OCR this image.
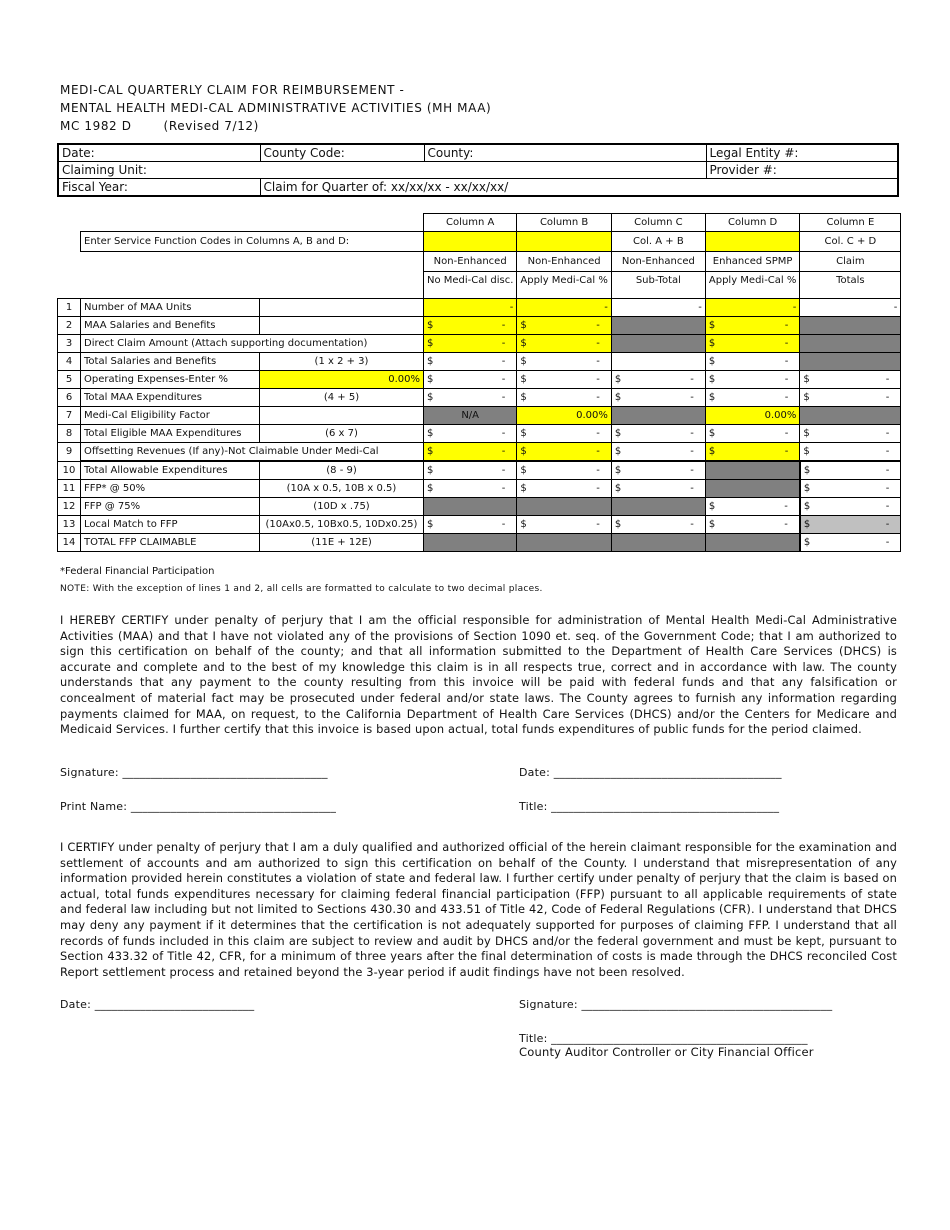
MEDI-CAL QUARTERLY CLAIM FOR REIMBURSEMENT -
MENTAL HEALTH MEDI-CAL ADMINISTRATIVE ACTIVITIES (MH MAA)
MC 1982 D	(Revised 7/12)
Date:	County Code:	County:	Legal Entity #:
Claiming Unit:			Provider #:
Fiscal Year:	Claim for Quarter of: xx/xx/xx - xx/xx/xx/		
			Column A	Column B	Column C	Column D	Column E
	Enter Service Function Codes in Columns A, B and D:				Col. A + B		Col. C + D
			Non-Enhanced	Non-Enhanced	Non-Enhanced	Enhanced SPMP	Claim
			No Medi-Cal disc.	Apply Medi-Cal %	Sub-Total	Apply Medi-Cal %	Totals
1	Number of MAA Units		-	-	-	-	-
2	MAA Salaries and Benefits		$ -	$ -		$ -	

3	Direct Claim Amount (Attach supporting documentation)		$ -	$ -		$ -	

4	Total Salaries and Benefits	(1 x 2 + 3)	$ -	$ -		$ -	

5	Operating Expenses-Enter %	0.00%	$ -	$ -	$ -	$ -	$ -

6	Total MAA Expenditures	(4 + 5)	$ -	$ -	$ -	$ -	$ -

7	Medi-Cal Eligibility Factor		N/A	0.00%		0.00%	
8	Total Eligible MAA Expenditures	(6 x 7)	$ -	$ -	$ -	$ -	$ -

9	Offsetting Revenues (If any)-Not Claimable Under Medi-Cal		$ -	$ -	$ -	$ -	$ -

10	Total Allowable Expenditures	(8 - 9)	$ -	$ -	$ -		$ -

11	FFP* @ 50%	(10A x 0.5, 10B x 0.5)	$ -	$ -	$ -		$ -

12	FFP @ 75%	(10D x .75)				$ -	$ -

13	Local Match to FFP	(10Ax0.5, 10Bx0.5, 10Dx0.25)	$ -	$ -	$ -	$ -	$ -

14	TOTAL FFP CLAIMABLE	(11E + 12E)					$ -
*Federal Financial Participation
NOTE: With the exception of lines 1 and 2, all cells are formatted to calculate to two decimal places.
I HEREBY CERTIFY under penalty of perjury that I am the official responsible for administration of Mental Health Medi-Cal Administrative Activities (MAA) and that I have not violated any of the provisions of Section 1090 et. seq. of the Government Code; that I am authorized to sign this certification on behalf of the county; and that all information submitted to the Department of Health Care Services (DHCS) is accurate and complete and to the best of my knowledge this claim is in all respects true, correct and in accordance with law. The county understands that any payment to the county resulting from this invoice will be paid with federal funds and that any falsification or concealment of material fact may be prosecuted under federal and/or state laws. The County agrees to furnish any information regarding payments claimed for MAA, on request, to the California Department of Health Care Services (DHCS) and/or the Centers for Medicare and Medicaid Services. I further certify that this invoice is based upon actual, total funds expenditures of public funds for the period claimed.
Signature: ____________________________________	Date: ________________________________________
Print Name: ____________________________________	Title: ________________________________________
I CERTIFY under penalty of perjury that I am a duly qualified and authorized official of the herein claimant responsible for the examination and settlement of accounts and am authorized to sign this certification on behalf of the County. I understand that misrepresentation of any information provided herein constitutes a violation of state and federal law. I further certify under penalty of perjury that the claim is based on actual, total funds expenditures necessary for claiming federal financial participation (FFP) pursuant to all applicable requirements of state and federal law including but not limited to Sections 430.30 and 433.51 of Title 42, Code of Federal Regulations (CFR). I understand that DHCS may deny any payment if it determines that the certification is not adequately supported for purposes of claiming FFP. I understand that all records of funds included in this claim are subject to review and audit by DHCS and/or the federal government and must be kept, pursuant to Section 433.32 of Title 42, CFR, for a minimum of three years after the final determination of costs is made through the DHCS reconciled Cost Report settlement process and retained beyond the 3-year period if audit findings have not been resolved.
Date: ____________________________	Signature: ____________________________________________
Title: _____________________________________________
County Auditor Controller or City Financial Officer
